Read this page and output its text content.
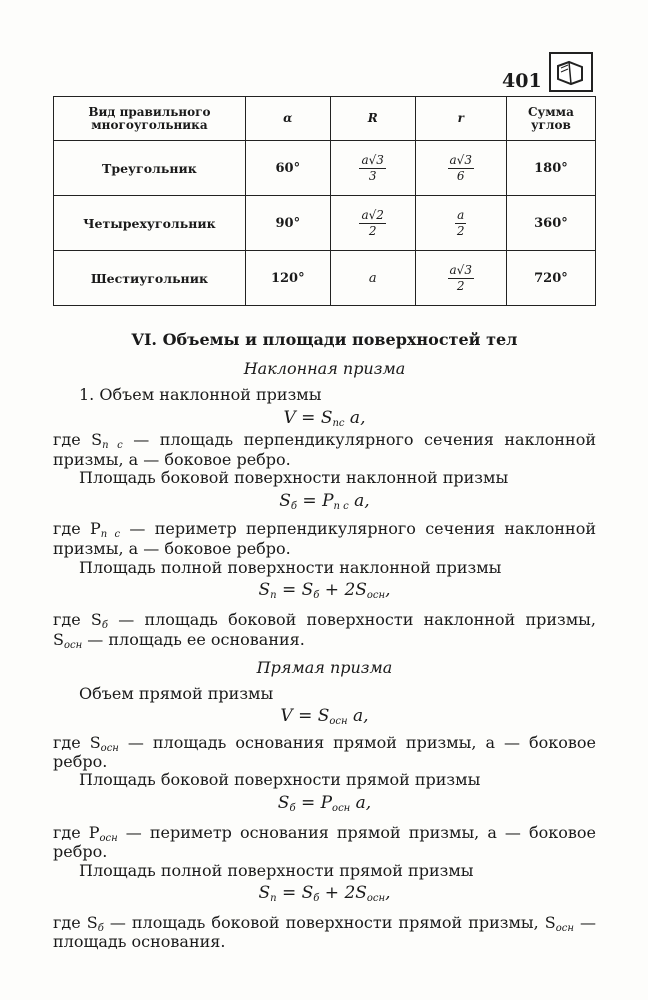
401
Вид правильного многоугольника	α	R	r	Сумма углов
Треугольник	60°	$\frac{a√3}{3}$	$\frac{a√3}{6}$	180°
Четырехугольник	90°	$\frac{a√2}{2}$	$\frac{a}{2}$	360°
Шестиугольник	120°	a	$\frac{a√3}{2}$	720°
VI. Объемы и площади поверхностей тел
Наклонная призма
1. Объем наклонной призмы
$V = S_{пс}$ a,
где $S_{п с}$ — площадь перпендикулярного сечения наклонной
призмы, a — боковое ребро.
Площадь боковой поверхности наклонной призмы
$S_б = P_{п с}$ a,
где $P_{п с}$ — периметр перпендикулярного сечения наклонной
призмы, a — боковое ребро.
Площадь полной поверхности наклонной призмы
$S_п = S_б + 2S_{осн}$,
где $S_б$ — площадь боковой поверхности наклонной призмы,
$S_{осн}$ — площадь ее основания.
Прямая призма
Объем прямой призмы
$V = S_{осн}$ a,
где $S_{осн}$ — площадь основания прямой призмы, a — боковое
ребро.
Площадь боковой поверхности прямой призмы
$S_б = P_{осн}$ a,
где $P_{осн}$ — периметр основания прямой призмы, a — боковое
ребро.
Площадь полной поверхности прямой призмы
$S_п = S_б + 2S_{осн}$,
где $S_б$ — площадь боковой поверхности прямой призмы, $S_{осн}$ —
площадь основания.
